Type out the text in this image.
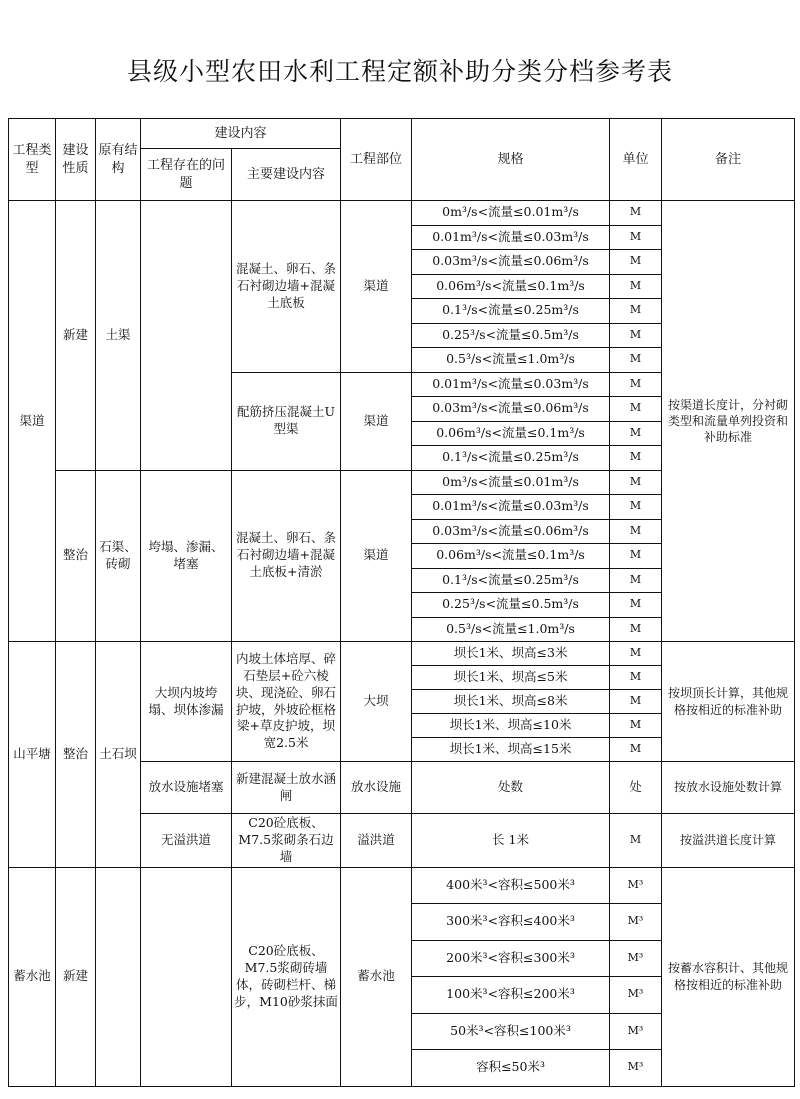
县级小型农田水利工程定额补助分类分档参考表
工程类型	建设性质	原有结构	建设内容		工程部位	规格	单位	备注
			工程存在的问题	主要建设内容				
渠道	新建	土渠		混凝土、卵石、条石衬砌边墙+混凝土底板	渠道	0m³/s<流量≤0.01m³/s	M	按渠道长度计，分衬砌类型和流量单列投资和补助标准
						0.01m³/s<流量≤0.03m³/s	M	
						0.03m³/s<流量≤0.06m³/s	M	
						0.06m³/s<流量≤0.1m³/s	M	
						0.1³/s<流量≤0.25m³/s	M	
						0.25³/s<流量≤0.5m³/s	M	
						0.5³/s<流量≤1.0m³/s	M	
				配筋挤压混凝土U型渠	渠道	0.01m³/s<流量≤0.03m³/s	M	
						0.03m³/s<流量≤0.06m³/s	M	
						0.06m³/s<流量≤0.1m³/s	M	
						0.1³/s<流量≤0.25m³/s	M	
	整治	石渠、砖砌	垮塌、渗漏、堵塞	混凝土、卵石、条石衬砌边墙+混凝土底板+清淤	渠道	0m³/s<流量≤0.01m³/s	M	
						0.01m³/s<流量≤0.03m³/s	M	
						0.03m³/s<流量≤0.06m³/s	M	
						0.06m³/s<流量≤0.1m³/s	M	
						0.1³/s<流量≤0.25m³/s	M	
						0.25³/s<流量≤0.5m³/s	M	
						0.5³/s<流量≤1.0m³/s	M	
山平塘	整治	土石坝	大坝内坡垮塌、坝体渗漏	内坡土体培厚、碎石垫层+砼六棱块、现浇砼、卵石护坡，外坡砼框格梁+草皮护坡，坝宽2.5米	大坝	坝长1米、坝高≤3米	M	按坝顶长计算，其他规格按相近的标准补助
						坝长1米、坝高≤5米	M	
						坝长1米、坝高≤8米	M	
						坝长1米、坝高≤10米	M	
						坝长1米、坝高≤15米	M	
			放水设施堵塞	新建混凝土放水涵闸	放水设施	处数	处	按放水设施处数计算
			无溢洪道	C20砼底板、M7.5浆砌条石边墙	溢洪道	长 1米	M	按溢洪道长度计算
蓄水池	新建			C20砼底板、M7.5浆砌砖墙体，砖砌栏杆、梯步，M10砂浆抹面	蓄水池	400米³<容积≤500米³	M³	按蓄水容积计、其他规格按相近的标准补助
						300米³<容积≤400米³	M³	
						200米³<容积≤300米³	M³	
						100米³<容积≤200米³	M³	
						50米³<容积≤100米³	M³	
						容积≤50米³	M³	
